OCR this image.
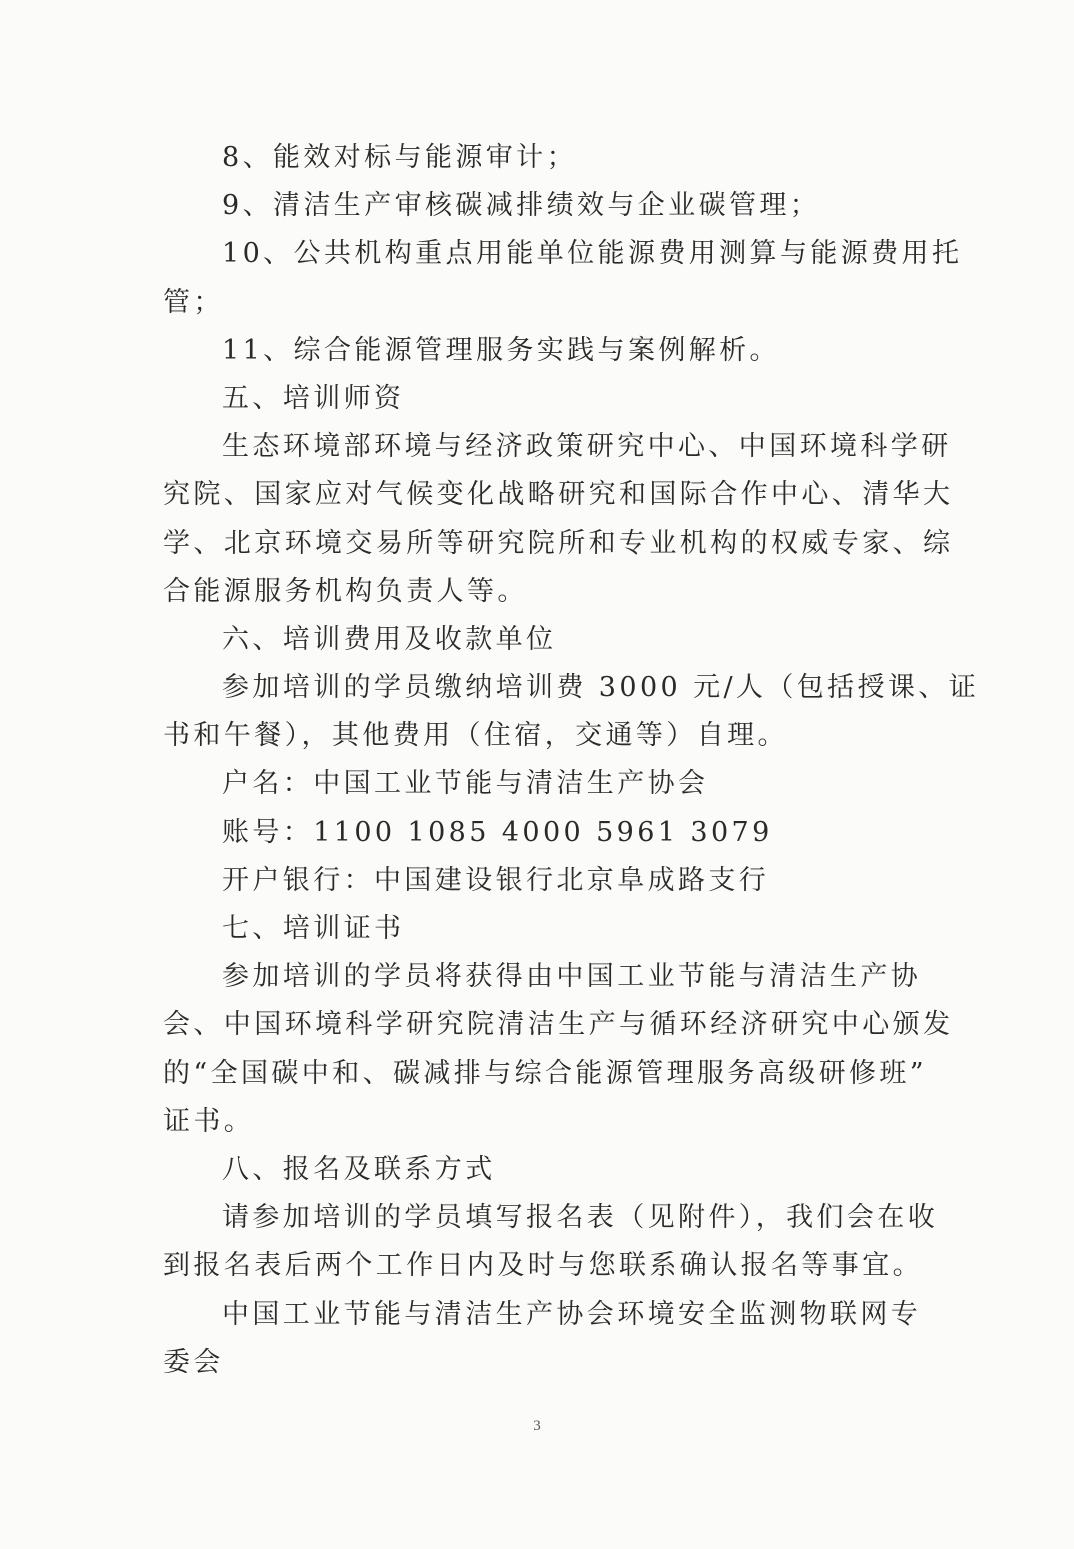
8、能效对标与能源审计；
9、清洁生产审核碳减排绩效与企业碳管理；
10、公共机构重点用能单位能源费用测算与能源费用托
管；
11、综合能源管理服务实践与案例解析。
五、培训师资
生态环境部环境与经济政策研究中心、中国环境科学研
究院、国家应对气候变化战略研究和国际合作中心、清华大
学、北京环境交易所等研究院所和专业机构的权威专家、综
合能源服务机构负责人等。
六、培训费用及收款单位
参加培训的学员缴纳培训费 3000 元/人（包括授课、证
书和午餐），其他费用（住宿，交通等）自理。
户名：中国工业节能与清洁生产协会
账号：1100 1085 4000 5961 3079
开户银行：中国建设银行北京阜成路支行
七、培训证书
参加培训的学员将获得由中国工业节能与清洁生产协
会、中国环境科学研究院清洁生产与循环经济研究中心颁发
的“全国碳中和、碳减排与综合能源管理服务高级研修班”
证书。
八、报名及联系方式
请参加培训的学员填写报名表（见附件），我们会在收
到报名表后两个工作日内及时与您联系确认报名等事宜。
中国工业节能与清洁生产协会环境安全监测物联网专
委会
3
